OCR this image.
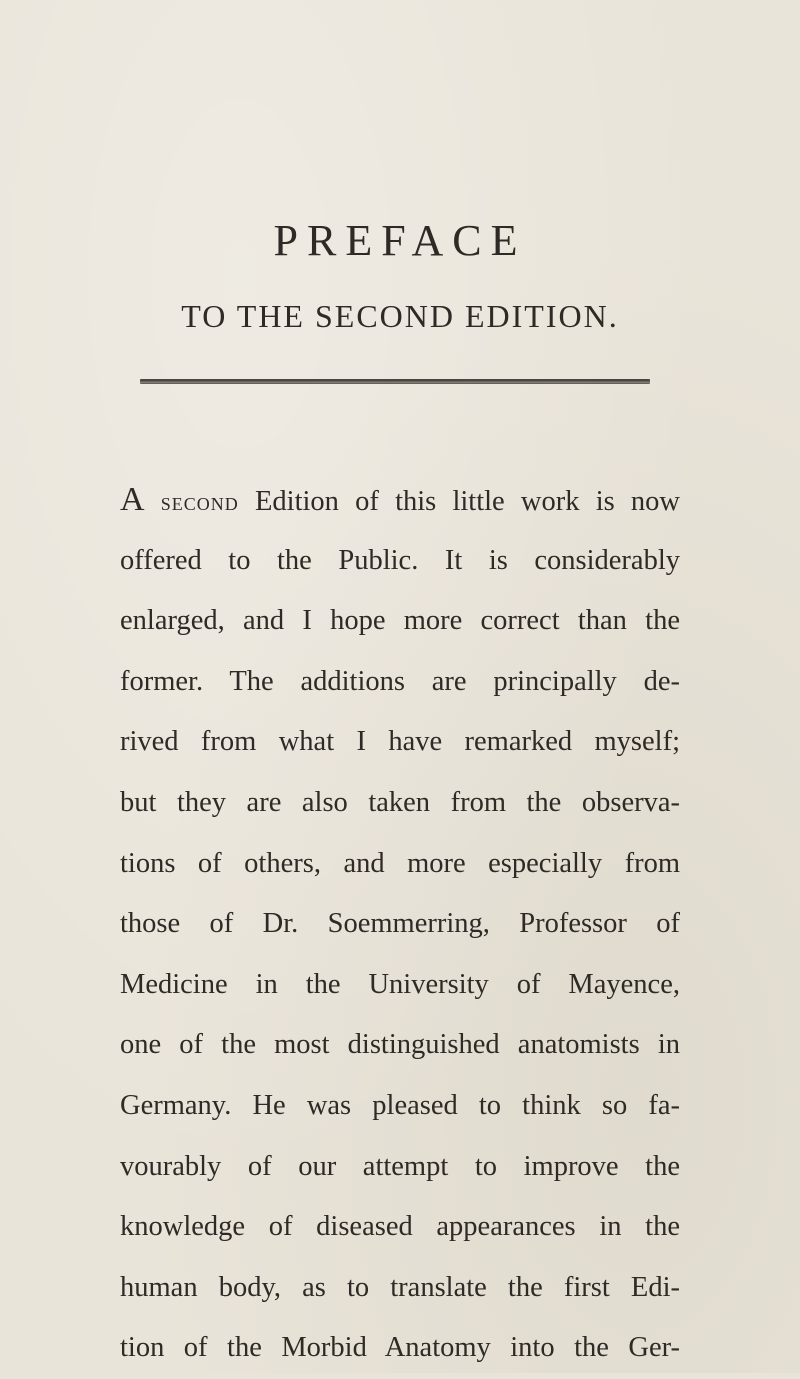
PREFACE
TO THE SECOND EDITION.
A second Edition of this little work is now
offered to the Public. It is considerably
enlarged, and I hope more correct than the
former. The additions are principally de-
rived from what I have remarked myself;
but they are also taken from the observa-
tions of others, and more especially from
those of Dr. Soemmerring, Professor of
Medicine in the University of Mayence,
one of the most distinguished anatomists in
Germany. He was pleased to think so fa-
vourably of our attempt to improve the
knowledge of diseased appearances in the
human body, as to translate the first Edi-
tion of the Morbid Anatomy into the Ger-
